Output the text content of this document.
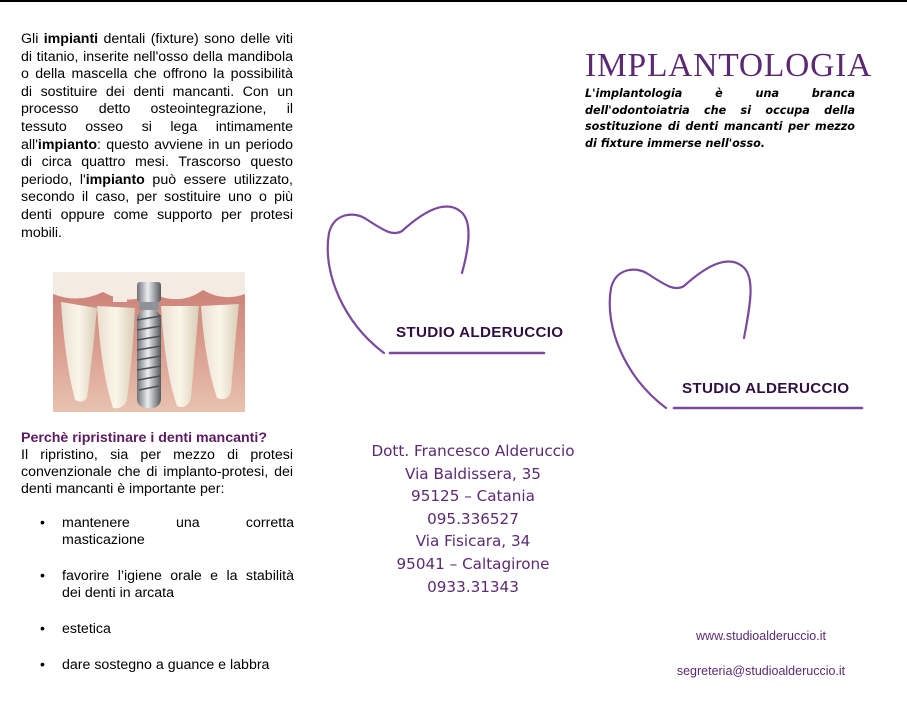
Gli impianti dentali (fixture) sono delle viti di titanio, inserite nell'osso della mandibola o della mascella che offrono la possibilità di sostituire dei denti mancanti. Con un processo detto osteointegrazione, il tessuto osseo si lega intimamente all'impianto: questo avviene in un periodo di circa quattro mesi. Trascorso questo periodo, l'impianto può essere utilizzato, secondo il caso, per sostituire uno o più denti oppure come supporto per protesi mobili.

Perchè ripristinare i denti mancanti?

Il ripristino, sia per mezzo di protesi convenzionale che di implanto-protesi, dei denti mancanti è importante per:

• mantenere una corretta masticazione
• favorire l’igiene orale e la stabilità dei denti in arcata
• estetica
• dare sostegno a guance e labbra
STUDIO ALDERUCCIO
STUDIO ALDERUCCIO
Dott. Francesco Alderuccio
Via Baldissera, 35
95125 – Catania
095.336527
Via Fisicara, 34
95041 – Caltagirone
0933.31343
IMPLANTOLOGIA

L'implantologia è una branca dell'odontoiatria che si occupa della sostituzione di denti mancanti per mezzo di fixture immerse nell'osso.

www.studioalderuccio.it
segreteria@studioalderuccio.it
